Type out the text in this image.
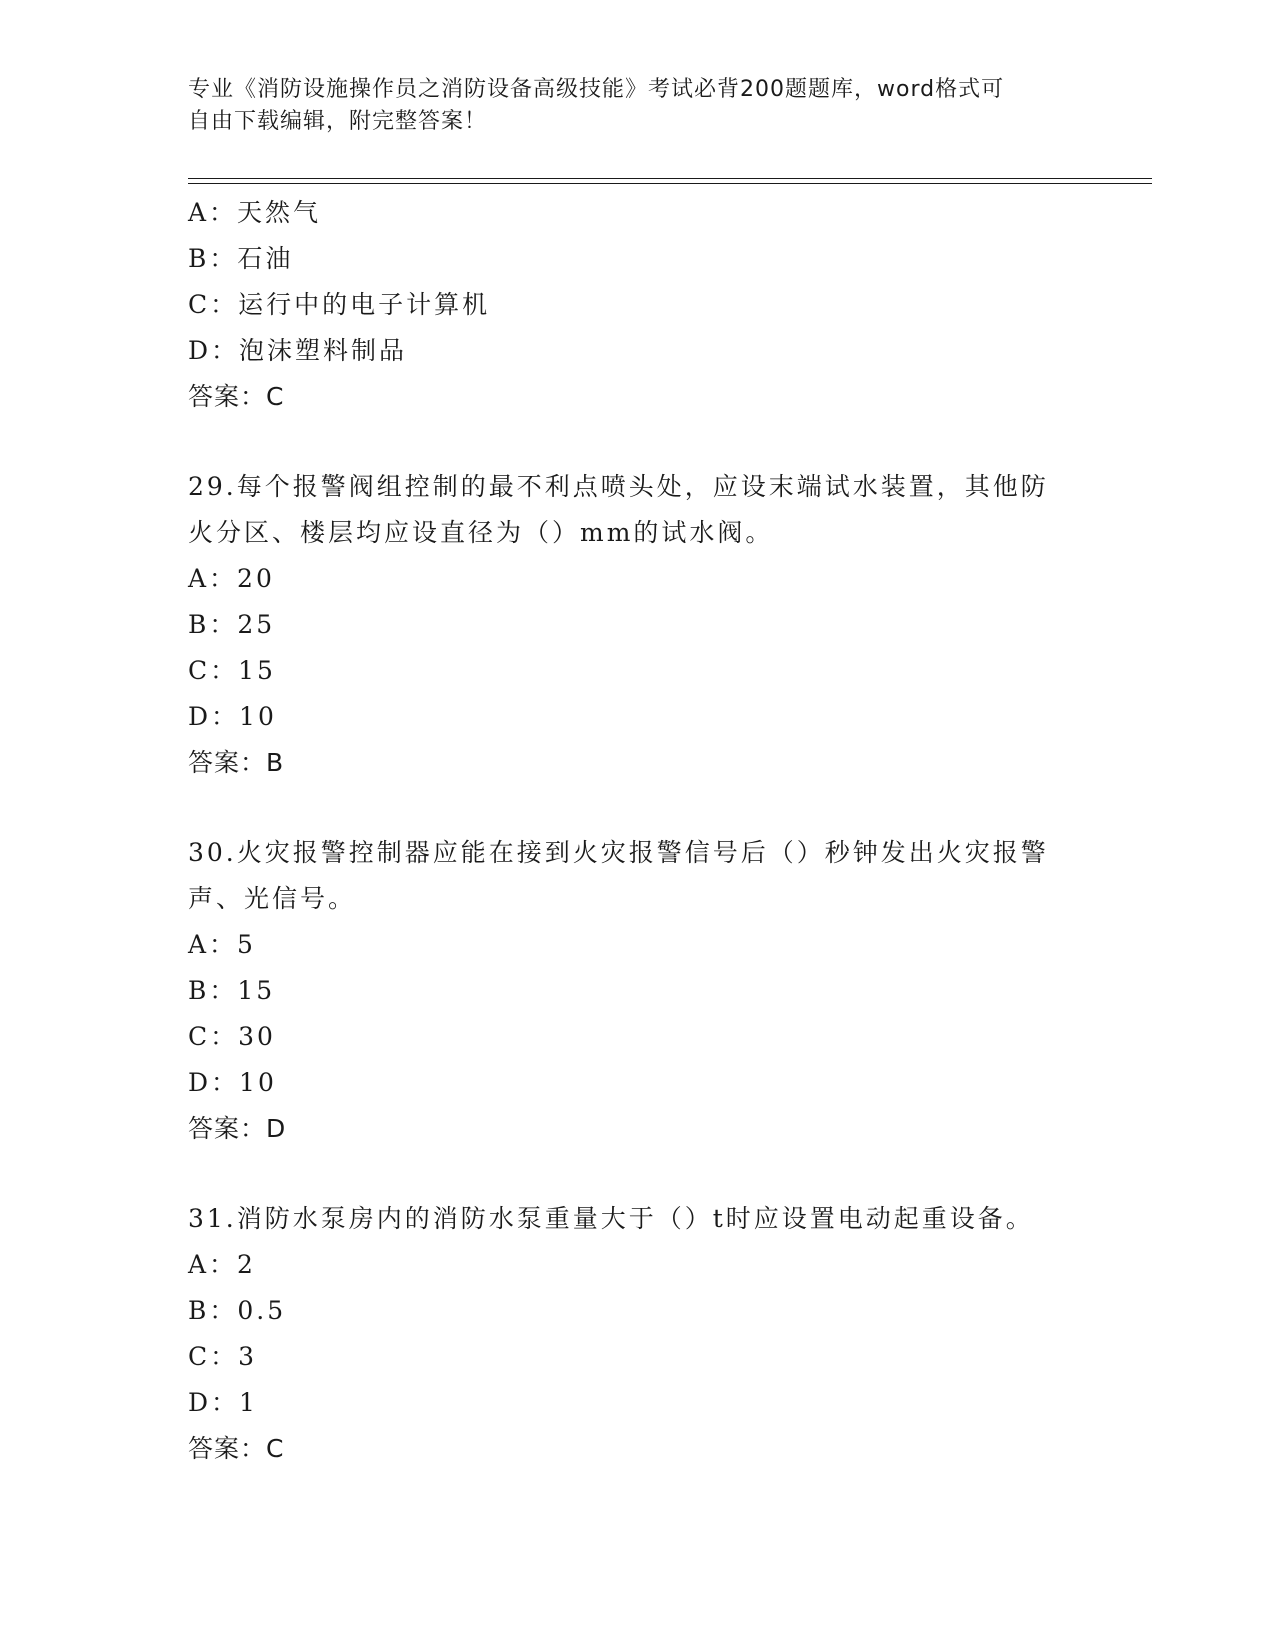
专业《消防设施操作员之消防设备高级技能》考试必背200题题库，word格式可
自由下载编辑，附完整答案！
A：天然气
B：石油
C：运行中的电子计算机
D：泡沫塑料制品
答案：C
29.每个报警阀组控制的最不利点喷头处，应设末端试水装置，其他防
火分区、楼层均应设直径为（）mm的试水阀。
A：20
B：25
C：15
D：10
答案：B
30.火灾报警控制器应能在接到火灾报警信号后（）秒钟发出火灾报警
声、光信号。
A：5
B：15
C：30
D：10
答案：D
31.消防水泵房内的消防水泵重量大于（）t时应设置电动起重设备。
A：2
B：0.5
C：3
D：1
答案：C
